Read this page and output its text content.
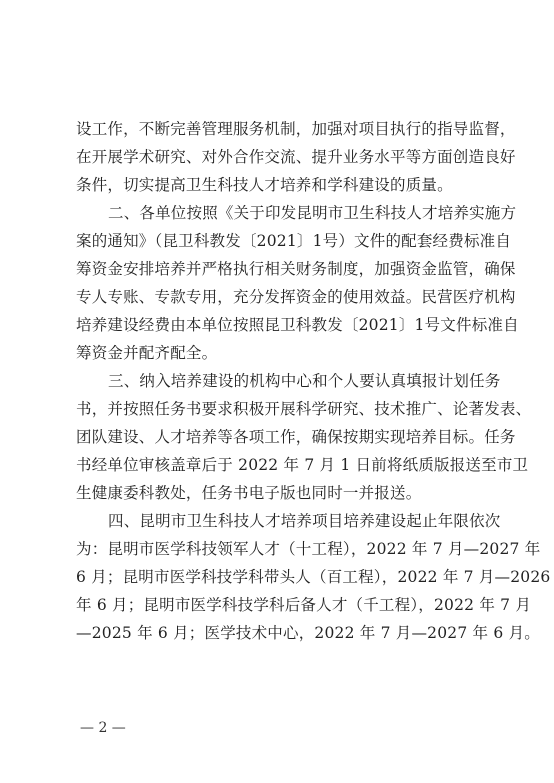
设工作，不断完善管理服务机制，加强对项目执行的指导监督，
在开展学术研究、对外合作交流、提升业务水平等方面创造良好
条件，切实提高卫生科技人才培养和学科建设的质量。
二、各单位按照《关于印发昆明市卫生科技人才培养实施方
案的通知》（昆卫科教发〔2021〕1号）文件的配套经费标准自
筹资金安排培养并严格执行相关财务制度，加强资金监管，确保
专人专账、专款专用，充分发挥资金的使用效益。民营医疗机构
培养建设经费由本单位按照昆卫科教发〔2021〕1号文件标准自
筹资金并配齐配全。
三、纳入培养建设的机构中心和个人要认真填报计划任务
书，并按照任务书要求积极开展科学研究、技术推广、论著发表、
团队建设、人才培养等各项工作，确保按期实现培养目标。任务
书经单位审核盖章后于 2022 年 7 月 1 日前将纸质版报送至市卫
生健康委科教处，任务书电子版也同时一并报送。
四、昆明市卫生科技人才培养项目培养建设起止年限依次
为：昆明市医学科技领军人才（十工程），2022 年 7 月—2027 年
6 月；昆明市医学科技学科带头人（百工程），2022 年 7 月—2026
年 6 月；昆明市医学科技学科后备人才（千工程），2022 年 7 月
—2025 年 6 月；医学技术中心，2022 年 7 月—2027 年 6 月。
— 2 —
